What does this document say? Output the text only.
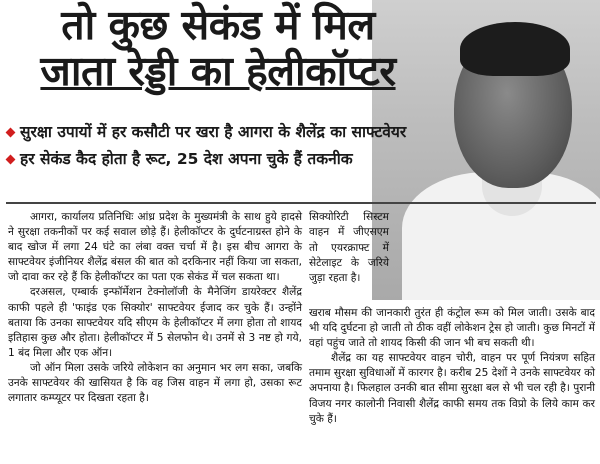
तो कुछ सेकंड में मिल
जाता रेड्डी का हेलीकॉप्टर
सुरक्षा उपायों में हर कसौटी पर खरा है आगरा के शैलेंद्र का साफ्टवेयर
हर सेकंड कैद होता है रूट, 25 देश अपना चुके हैं तकनीक

आगरा, कार्यालय प्रतिनिधिः आंध्र प्रदेश के मुख्यमंत्री के साथ हुये हादसे ने सुरक्षा तकनीकों पर कई सवाल छोड़े हैं। हेलीकॉप्टर के दुर्घटनाग्रस्त होने के बाद खोज में लगा 24 घंटे का लंबा वक्त चर्चा में है। इस बीच आगरा के साफ्टवेयर इंजीनियर शैलेंद्र बंसल की बात को दरकिनार नहीं किया जा सकता, जो दावा कर रहे हैं कि हेलीकॉप्टर का पता एक सेकंड में चल सकता था।

दरअसल, एम्बार्क इन्फॉर्मेशन टेक्नोलॉजी के मैनेजिंग डायरेक्टर शैलेंद्र काफी पहले ही 'फाइंड एक सिक्योर' साफ्टवेयर ईजाद कर चुके हैं। उन्होंने बताया कि उनका साफ्टवेयर यदि सीएम के हेलीकॉप्टर में लगा होता तो शायद इतिहास कुछ और होता। हेलीकॉप्टर में 5 सेलफोन थे। उनमें से 3 नष्ट हो गये, 1 बंद मिला और एक ऑन।

जो ऑन मिला उसके जरिये लोकेशन का अनुमान भर लग सका, जबकि उनके साफ्टवेयर की खासियत है कि वह जिस वाहन में लगा हो, उसका रूट लगातार कम्प्यूटर पर दिखता रहता है।

सिक्योरिटी सिस्टम वाहन में जीएसएम तो एयरक्राफ्ट में सेटेलाइट के जरिये जुड़ा रहता है।

खराब मौसम की जानकारी तुरंत ही कंट्रोल रूम को मिल जाती। उसके बाद भी यदि दुर्घटना हो जाती तो ठीक वहीं लोकेशन ट्रेस हो जाती। कुछ मिनटों में वहां पहुंच जाते तो शायद किसी की जान भी बच सकती थी।

शैलेंद्र का यह साफ्टवेयर वाहन चोरी, वाहन पर पूर्ण नियंत्रण सहित तमाम सुरक्षा सुविधाओं में कारगर है। करीब 25 देशों ने उनके साफ्टवेयर को अपनाया है। फिलहाल उनकी बात सीमा सुरक्षा बल से भी चल रही है। पुरानी विजय नगर कालोनी निवासी शैलेंद्र काफी समय तक विप्रो के लिये काम कर चुके हैं।
